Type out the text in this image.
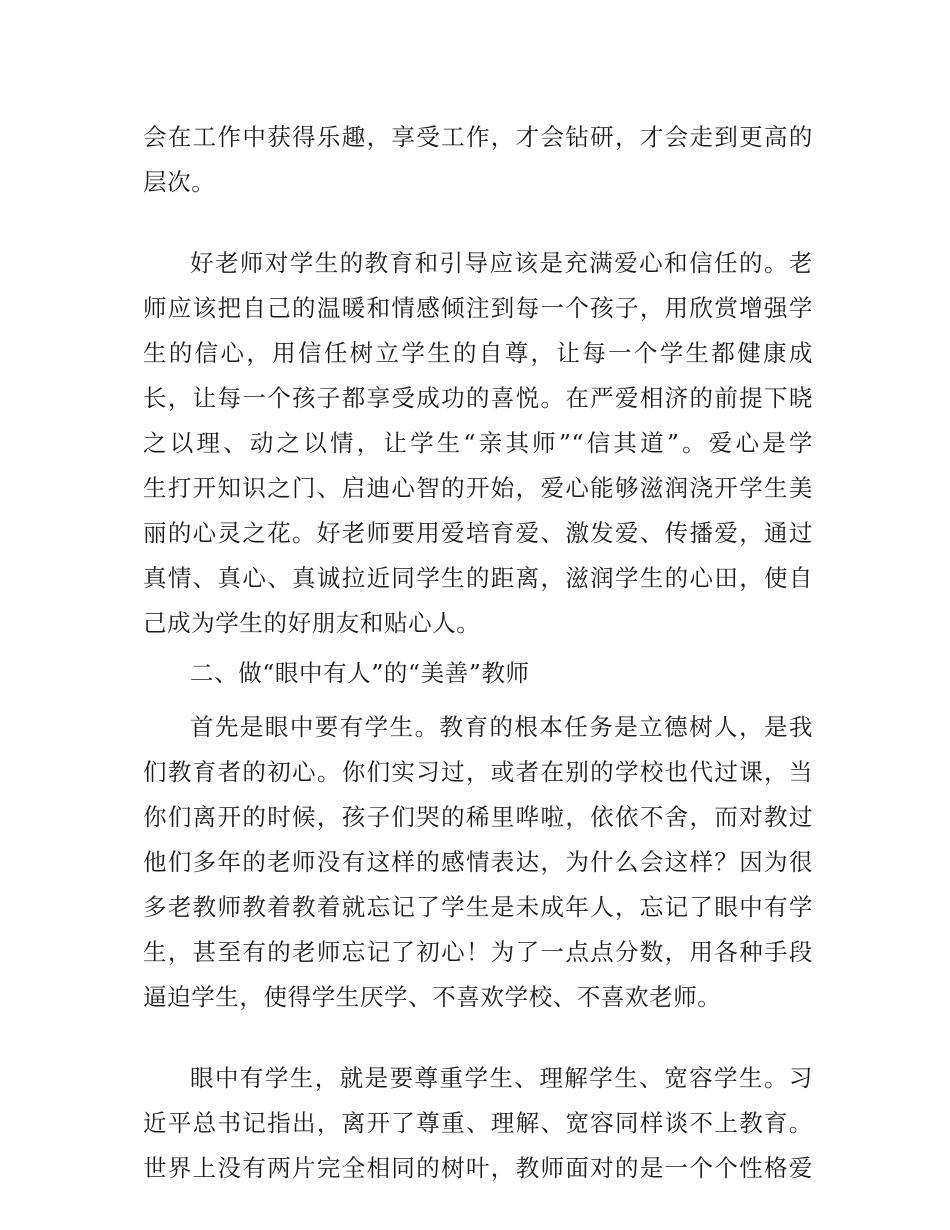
会在工作中获得乐趣，享受工作，才会钻研，才会走到更高的
层次。
好老师对学生的教育和引导应该是充满爱心和信任的。老
师应该把自己的温暖和情感倾注到每一个孩子，用欣赏增强学
生的信心，用信任树立学生的自尊，让每一个学生都健康成
长，让每一个孩子都享受成功的喜悦。在严爱相济的前提下晓
之以理、动之以情，让学生“亲其师”“信其道”。爱心是学
生打开知识之门、启迪心智的开始，爱心能够滋润浇开学生美
丽的心灵之花。好老师要用爱培育爱、激发爱、传播爱，通过
真情、真心、真诚拉近同学生的距离，滋润学生的心田，使自
己成为学生的好朋友和贴心人。
二、做“眼中有人”的“美善”教师
首先是眼中要有学生。教育的根本任务是立德树人，是我
们教育者的初心。你们实习过，或者在别的学校也代过课，当
你们离开的时候，孩子们哭的稀里哗啦，依依不舍，而对教过
他们多年的老师没有这样的感情表达，为什么会这样？因为很
多老教师教着教着就忘记了学生是未成年人，忘记了眼中有学
生，甚至有的老师忘记了初心！为了一点点分数，用各种手段
逼迫学生，使得学生厌学、不喜欢学校、不喜欢老师。
眼中有学生，就是要尊重学生、理解学生、宽容学生。习
近平总书记指出，离开了尊重、理解、宽容同样谈不上教育。
世界上没有两片完全相同的树叶，教师面对的是一个个性格爱
